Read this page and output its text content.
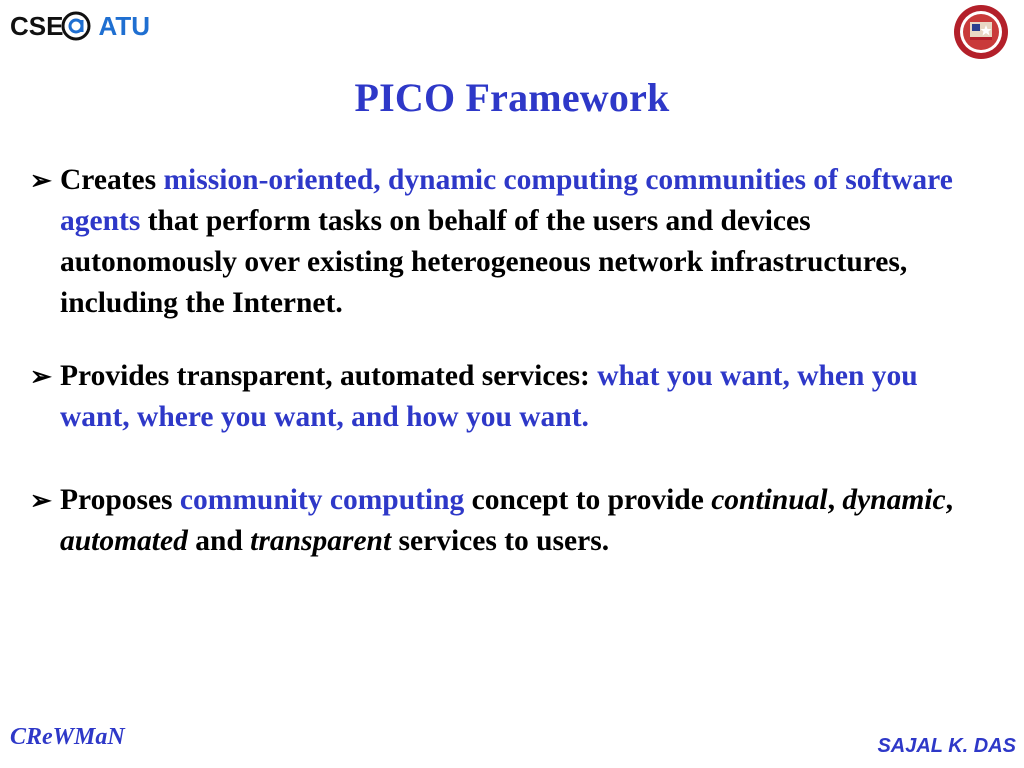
CSE UTA
PICO Framework
➢ Creates mission-oriented, dynamic computing communities of software agents that perform tasks on behalf of the users and devices autonomously over existing heterogeneous network infrastructures, including the Internet.
➢ Provides transparent, automated services: what you want, when you want, where you want, and how you want.
➢ Proposes community computing concept to provide continual, dynamic, automated and transparent services to users.
CReWMaN	SAJAL K. DAS
